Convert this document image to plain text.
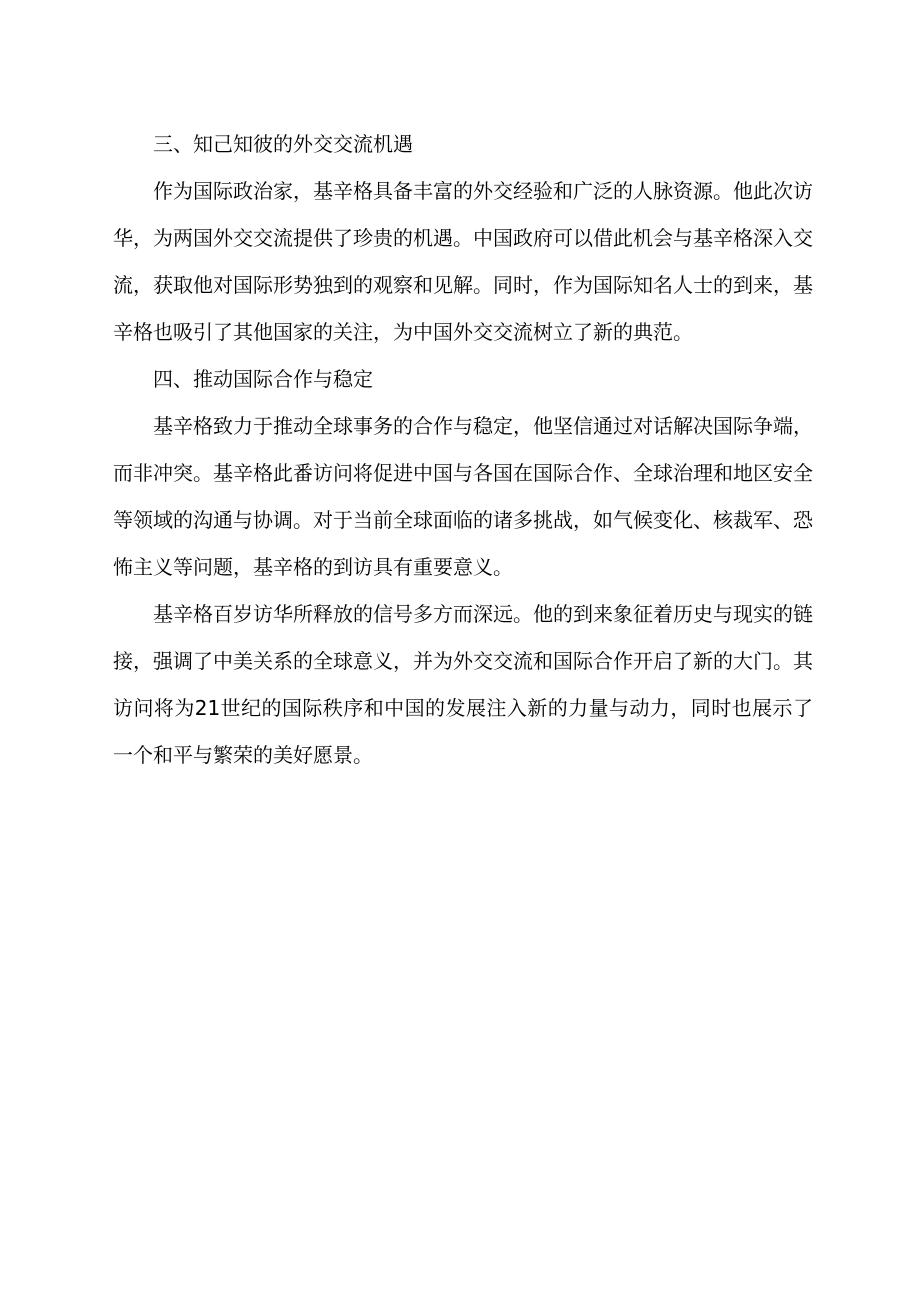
三、知己知彼的外交交流机遇

作为国际政治家，基辛格具备丰富的外交经验和广泛的人脉资源。他此次访华，为两国外交交流提供了珍贵的机遇。中国政府可以借此机会与基辛格深入交流，获取他对国际形势独到的观察和见解。同时，作为国际知名人士的到来，基辛格也吸引了其他国家的关注，为中国外交交流树立了新的典范。

四、推动国际合作与稳定

基辛格致力于推动全球事务的合作与稳定，他坚信通过对话解决国际争端，而非冲突。基辛格此番访问将促进中国与各国在国际合作、全球治理和地区安全等领域的沟通与协调。对于当前全球面临的诸多挑战，如气候变化、核裁军、恐怖主义等问题，基辛格的到访具有重要意义。

基辛格百岁访华所释放的信号多方而深远。他的到来象征着历史与现实的链接，强调了中美关系的全球意义，并为外交交流和国际合作开启了新的大门。其访问将为21世纪的国际秩序和中国的发展注入新的力量与动力，同时也展示了一个和平与繁荣的美好愿景。
